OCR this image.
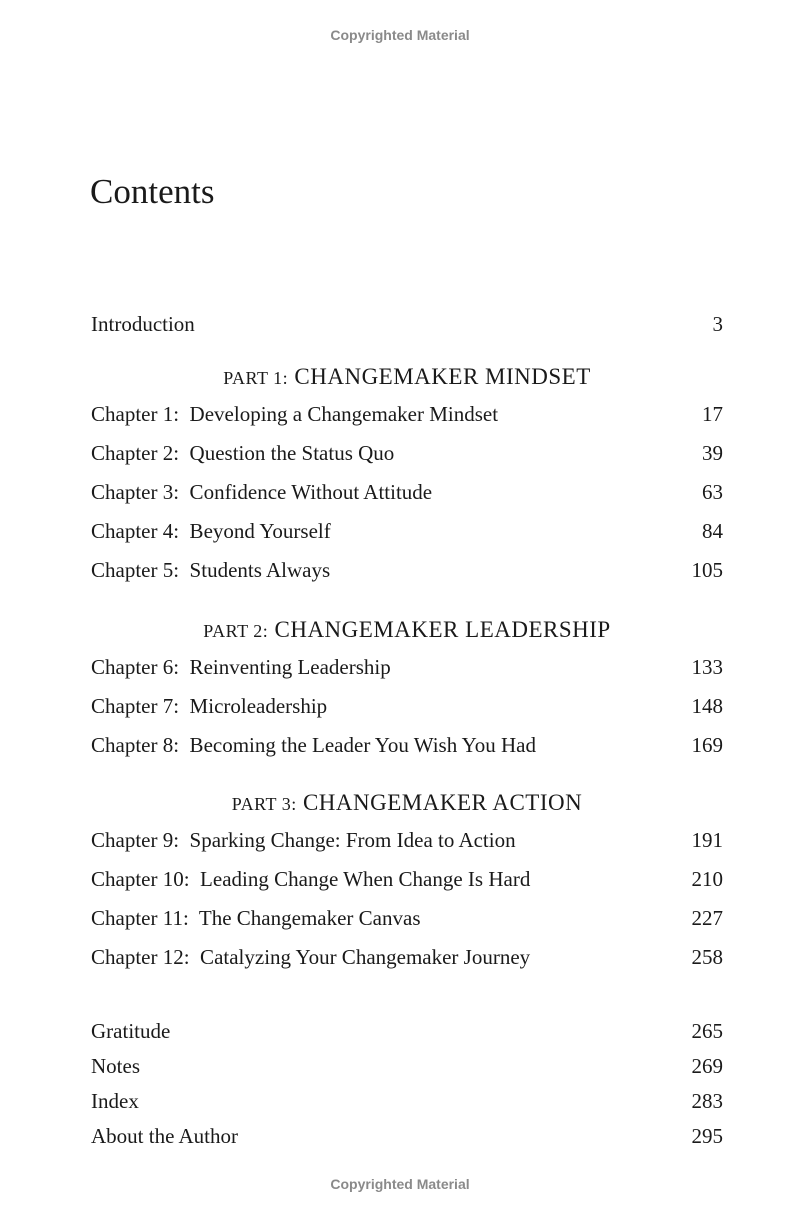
Copyrighted Material
Contents
Introduction	3
PART 1: CHANGEMAKER MINDSET
Chapter 1:  Developing a Changemaker Mindset	17
Chapter 2:  Question the Status Quo	39
Chapter 3:  Confidence Without Attitude	63
Chapter 4:  Beyond Yourself	84
Chapter 5:  Students Always	105
PART 2: CHANGEMAKER LEADERSHIP
Chapter 6:  Reinventing Leadership	133
Chapter 7:  Microleadership	148
Chapter 8:  Becoming the Leader You Wish You Had	169
PART 3: CHANGEMAKER ACTION
Chapter 9:  Sparking Change: From Idea to Action	191
Chapter 10:  Leading Change When Change Is Hard	210
Chapter 11:  The Changemaker Canvas	227
Chapter 12:  Catalyzing Your Changemaker Journey	258
Gratitude	265
Notes	269
Index	283
About the Author	295
Copyrighted Material
